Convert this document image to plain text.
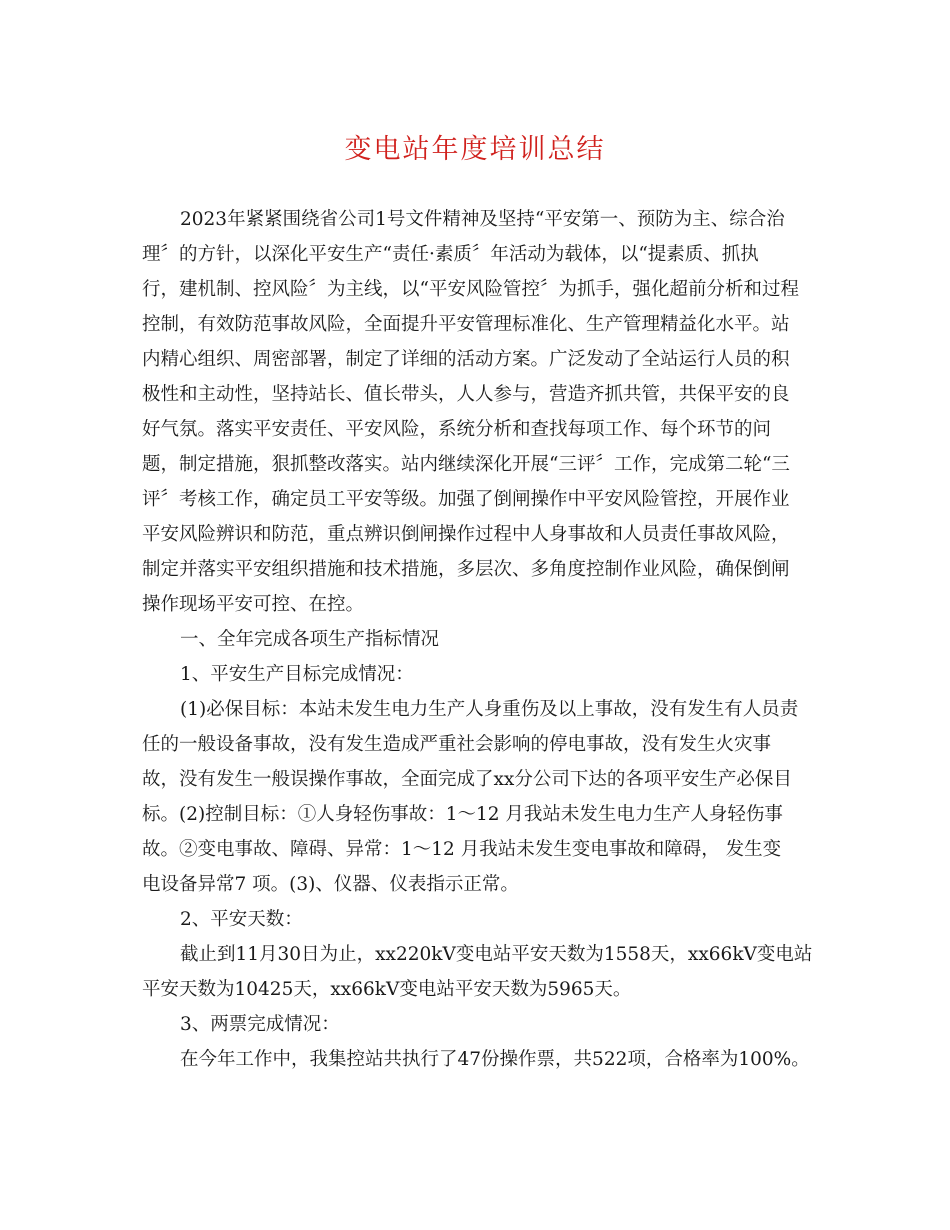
变电站年度培训总结
2023年紧紧围绕省公司1号文件精神及坚持“平安第一、预防为主、综合治
理〞的方针，以深化平安生产“责任·素质〞年活动为载体，以“提素质、抓执
行，建机制、控风险〞为主线，以“平安风险管控〞为抓手，强化超前分析和过程
控制，有效防范事故风险，全面提升平安管理标准化、生产管理精益化水平。站
内精心组织、周密部署，制定了详细的活动方案。广泛发动了全站运行人员的积
极性和主动性，坚持站长、值长带头，人人参与，营造齐抓共管，共保平安的良
好气氛。落实平安责任、平安风险，系统分析和查找每项工作、每个环节的问
题，制定措施，狠抓整改落实。站内继续深化开展“三评〞工作，完成第二轮“三
评〞考核工作，确定员工平安等级。加强了倒闸操作中平安风险管控，开展作业
平安风险辨识和防范，重点辨识倒闸操作过程中人身事故和人员责任事故风险，
制定并落实平安组织措施和技术措施，多层次、多角度控制作业风险，确保倒闸
操作现场平安可控、在控。
一、全年完成各项生产指标情况
1、平安生产目标完成情况：
(1)必保目标：本站未发生电力生产人身重伤及以上事故，没有发生有人员责
任的一般设备事故，没有发生造成严重社会影响的停电事故，没有发生火灾事
故，没有发生一般误操作事故，全面完成了xx分公司下达的各项平安生产必保目
标。(2)控制目标：①人身轻伤事故：1～12 月我站未发生电力生产人身轻伤事
故。②变电事故、障碍、异常：1～12 月我站未发生变电事故和障碍， 发生变
电设备异常7 项。(3)、仪器、仪表指示正常。
2、平安天数：
截止到11月30日为止，xx220kV变电站平安天数为1558天，xx66kV变电站
平安天数为10425天，xx66kV变电站平安天数为5965天。
3、两票完成情况：
在今年工作中，我集控站共执行了47份操作票，共522项，合格率为100%。
